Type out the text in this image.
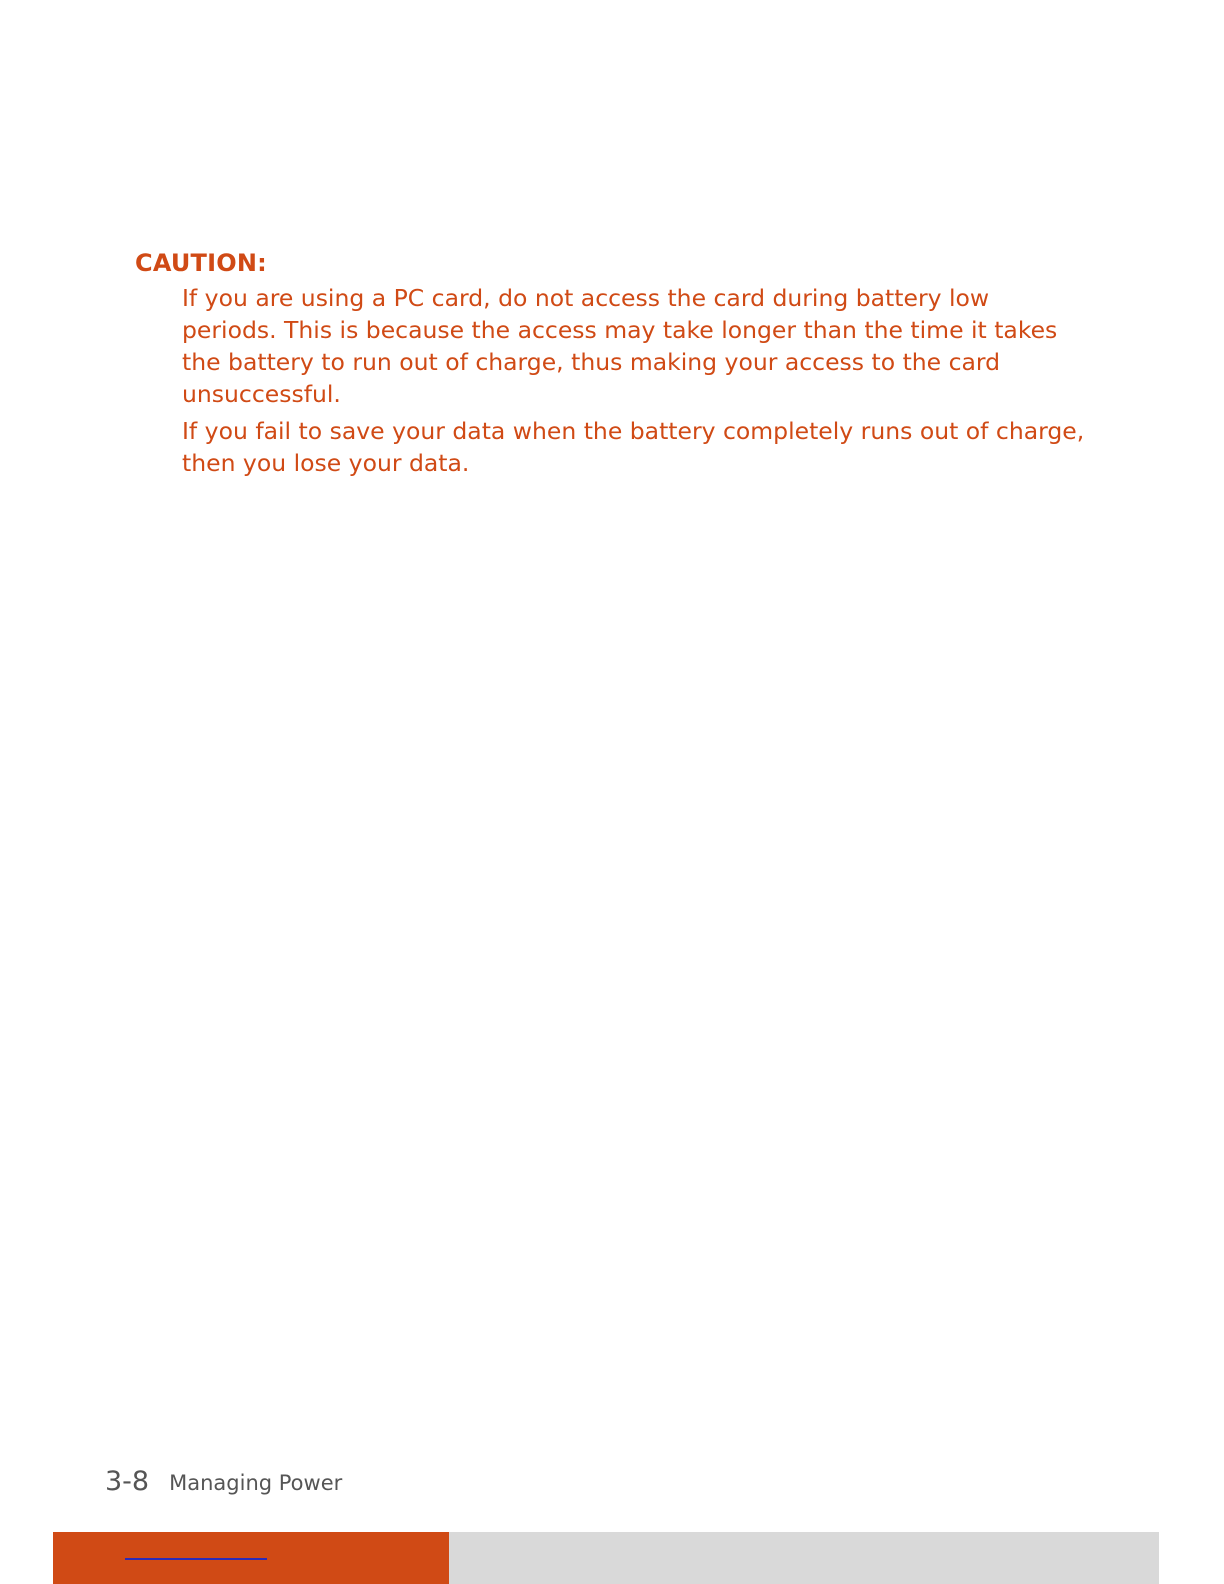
CAUTION:

If you are using a PC card, do not access the card during battery low periods. This is because the access may take longer than the time it takes the battery to run out of charge, thus making your access to the card unsuccessful.

If you fail to save your data when the battery completely runs out of charge, then you lose your data.

3-8 Managing Power
